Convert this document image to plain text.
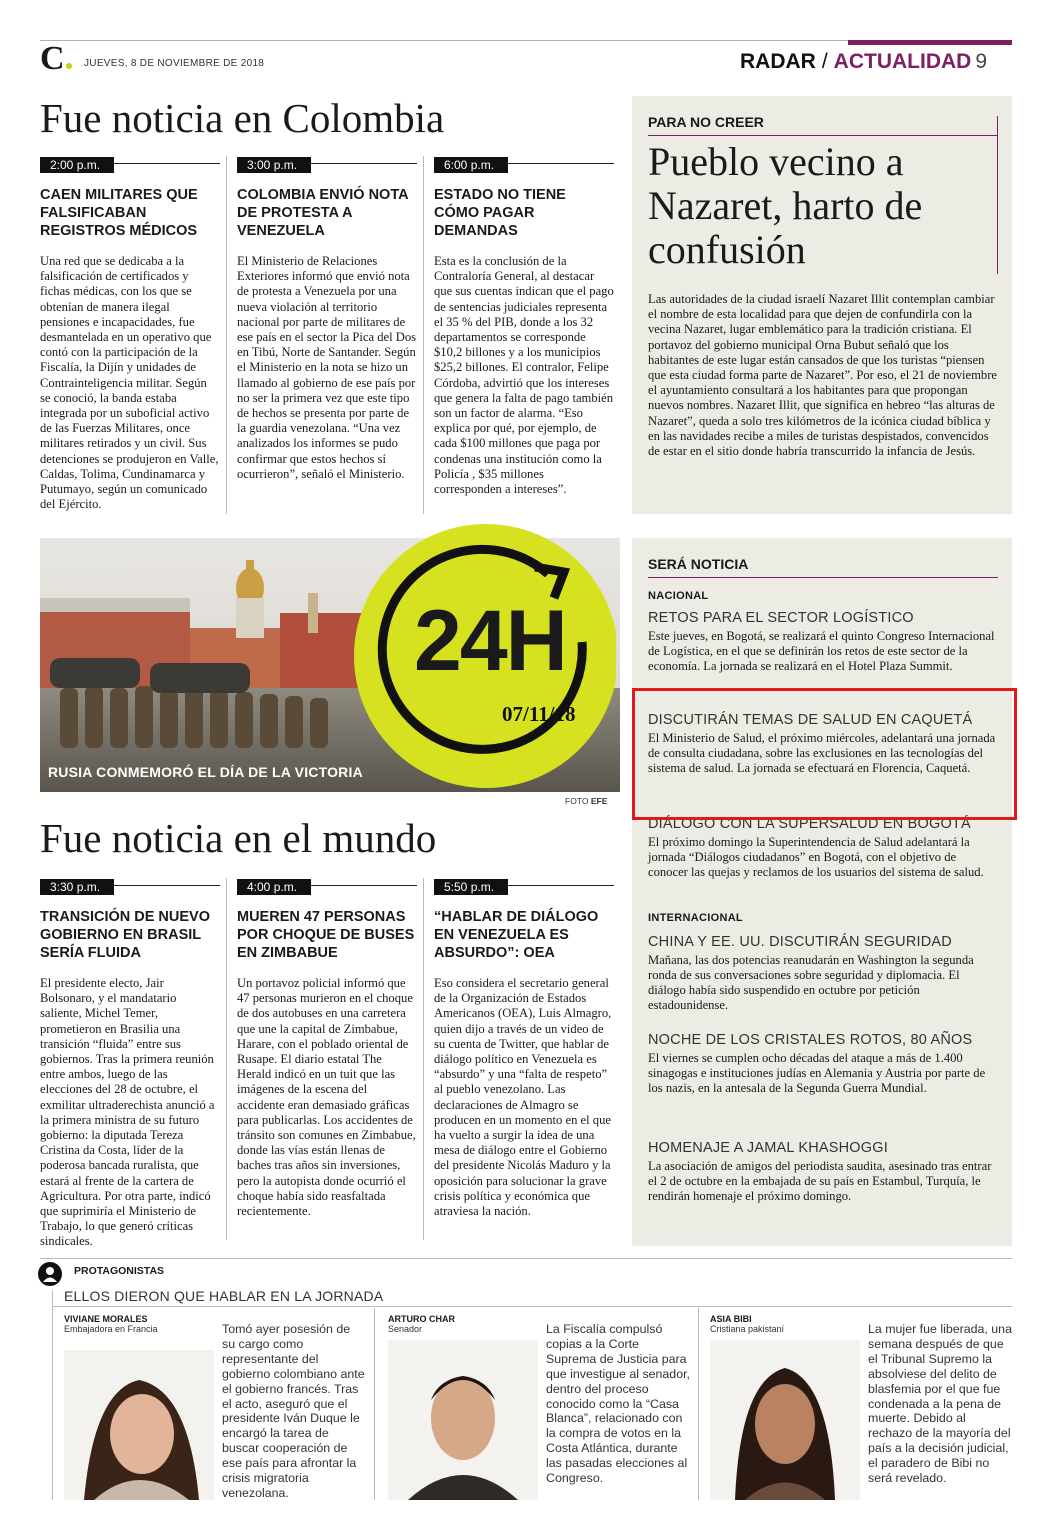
C	JUEVES, 8 DE NOVIEMBRE DE 2018	RADAR / ACTUALIDAD 9
Fue noticia en Colombia
2:00 p.m.
CAEN MILITARES QUE FALSIFICABAN REGISTROS MÉDICOS
Una red que se dedicaba a la falsificación de certificados y fichas médicas, con los que se obtenían de manera ilegal pensiones e incapacidades, fue desmantelada en un operativo que contó con la participación de la Fiscalía, la Dijín y unidades de Contrainteligencia militar. Según se conoció, la banda estaba integrada por un suboficial activo de las Fuerzas Militares, once militares retirados y un civil. Sus detenciones se produjeron en Valle, Caldas, Tolima, Cundinamarca y Putumayo, según un comunicado del Ejército.
3:00 p.m.
COLOMBIA ENVIÓ NOTA DE PROTESTA A VENEZUELA
El Ministerio de Relaciones Exteriores informó que envió nota de protesta a Venezuela por una nueva violación al territorio nacional por parte de militares de ese país en el sector la Pica del Dos en Tibú, Norte de Santander. Según el Ministerio en la nota se hizo un llamado al gobierno de ese país por no ser la primera vez que este tipo de hechos se presenta por parte de la guardia venezolana. “Una vez analizados los informes se pudo confirmar que estos hechos sí ocurrieron”, señaló el Ministerio.
6:00 p.m.
ESTADO NO TIENE CÓMO PAGAR DEMANDAS
Esta es la conclusión de la Contraloría General, al destacar que sus cuentas indican que el pago de sentencias judiciales representa el 35 % del PIB, donde a los 32 departamentos se corresponde $10,2 billones y a los municipios $25,2 billones. El contralor, Felipe Córdoba, advirtió que los intereses que genera la falta de pago también son un factor de alarma. “Eso explica por qué, por ejemplo, de cada $100 millones que paga por condenas una institución como la Policía , $35 millones corresponden a intereses”.
PARA NO CREER
Pueblo vecino a Nazaret, harto de confusión
Las autoridades de la ciudad israelí Nazaret Illit contemplan cambiar el nombre de esta localidad para que dejen de confundirla con la vecina Nazaret, lugar emblemático para la tradición cristiana. El portavoz del gobierno municipal Orna Bubut señaló que los habitantes de este lugar están cansados de que los turistas “piensen que esta ciudad forma parte de Nazaret”. Por eso, el 21 de noviembre el ayuntamiento consultará a los habitantes para que propongan nuevos nombres. Nazaret Illit, que significa en hebreo “las alturas de Nazaret”, queda a solo tres kilómetros de la icónica ciudad bíblica y en las navidades recibe a miles de turistas despistados, convencidos de estar en el sitio donde habría transcurrido la infancia de Jesús.
RUSIA CONMEMORÓ EL DÍA DE LA VICTORIA
24H
07/11/18
FOTO EFE
SERÁ NOTICIA
NACIONAL
RETOS PARA EL SECTOR LOGÍSTICO
Este jueves, en Bogotá, se realizará el quinto Congreso Internacional de Logística, en el que se definirán los retos de este sector de la economía. La jornada se realizará en el Hotel Plaza Summit.
DISCUTIRÁN TEMAS DE SALUD EN CAQUETÁ
El Ministerio de Salud, el próximo miércoles, adelantará una jornada de consulta ciudadana, sobre las exclusiones en las tecnologías del sistema de salud. La jornada se efectuará en Florencia, Caquetá.
DIÁLOGO CON LA SUPERSALUD EN BOGOTÁ
El próximo domingo la Superintendencia de Salud adelantará la jornada “Diálogos ciudadanos” en Bogotá, con el objetivo de conocer las quejas y reclamos de los usuarios del sistema de salud.
INTERNACIONAL
CHINA Y EE. UU. DISCUTIRÁN SEGURIDAD
Mañana, las dos potencias reanudarán en Washington la segunda ronda de sus conversaciones sobre seguridad y diplomacia. El diálogo había sido suspendido en octubre por petición estadounidense.
NOCHE DE LOS CRISTALES ROTOS, 80 AÑOS
El viernes se cumplen ocho décadas del ataque a más de 1.400 sinagogas e instituciones judías en Alemania y Austria por parte de los nazis, en la antesala de la Segunda Guerra Mundial.
HOMENAJE A JAMAL KHASHOGGI
La asociación de amigos del periodista saudita, asesinado tras entrar el 2 de octubre en la embajada de su país en Estambul, Turquía, le rendirán homenaje el próximo domingo.
Fue noticia en el mundo
3:30 p.m.
TRANSICIÓN DE NUEVO GOBIERNO EN BRASIL SERÍA FLUIDA
El presidente electo, Jair Bolsonaro, y el mandatario saliente, Michel Temer, prometieron en Brasilia una transición “fluida” entre sus gobiernos. Tras la primera reunión entre ambos, luego de las elecciones del 28 de octubre, el exmilitar ultraderechista anunció a la primera ministra de su futuro gobierno: la diputada Tereza Cristina da Costa, líder de la poderosa bancada ruralista, que estará al frente de la cartera de Agricultura. Por otra parte, indicó que suprimiría el Ministerio de Trabajo, lo que generó críticas sindicales.
4:00 p.m.
MUEREN 47 PERSONAS POR CHOQUE DE BUSES EN ZIMBABUE
Un portavoz policial informó que 47 personas murieron en el choque de dos autobuses en una carretera que une la capital de Zimbabue, Harare, con el poblado oriental de Rusape. El diario estatal The Herald indicó en un tuit que las imágenes de la escena del accidente eran demasiado gráficas para publicarlas. Los accidentes de tránsito son comunes en Zimbabue, donde las vías están llenas de baches tras años sin inversiones, pero la autopista donde ocurrió el choque había sido reasfaltada recientemente.
5:50 p.m.
“HABLAR DE DIÁLOGO EN VENEZUELA ES ABSURDO”: OEA
Eso considera el secretario general de la Organización de Estados Americanos (OEA), Luis Almagro, quien dijo a través de un video de su cuenta de Twitter, que hablar de diálogo político en Venezuela es “absurdo” y una “falta de respeto” al pueblo venezolano. Las declaraciones de Almagro se producen en un momento en el que ha vuelto a surgir la idea de una mesa de diálogo entre el Gobierno del presidente Nicolás Maduro y la oposición para solucionar la grave crisis política y económica que atraviesa la nación.
PROTAGONISTAS
ELLOS DIERON QUE HABLAR EN LA JORNADA
VIVIANE MORALES
Embajadora en Francia	Tomó ayer posesión de su cargo como representante del gobierno colombiano ante el gobierno francés. Tras el acto, aseguró que el presidente Iván Duque le encargó la tarea de buscar cooperación de ese país para afrontar la crisis migratoria venezolana.
ARTURO CHAR
Senador	La Fiscalía compulsó copias a la Corte Suprema de Justicia para que investigue al senador, dentro del proceso conocido como la “Casa Blanca”, relacionado con la compra de votos en la Costa Atlántica, durante las pasadas elecciones al Congreso.
ASIA BIBI
Cristiana pakistaní	La mujer fue liberada, una semana después de que el Tribunal Supremo la absolviese del delito de blasfemia por el que fue condenada a la pena de muerte. Debido al rechazo de la mayoría del país a la decisión judicial, el paradero de Bibi no será revelado.
